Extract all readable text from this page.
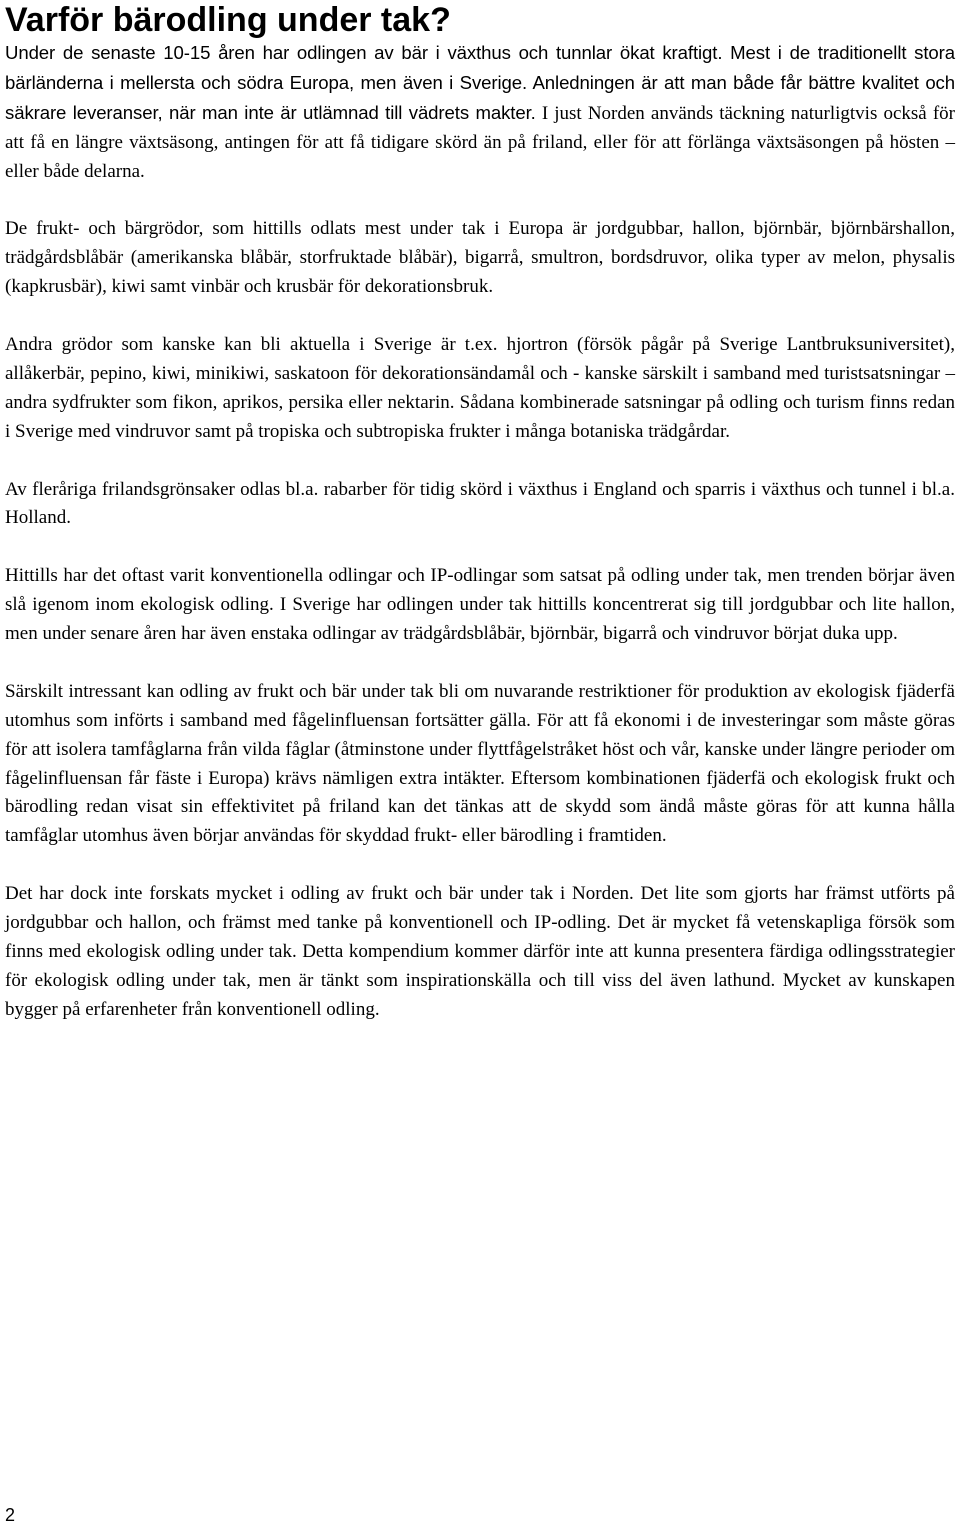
Varför bärodling under tak?

Under de senaste 10-15 åren har odlingen av bär i växthus och tunnlar ökat kraftigt. Mest i de traditionellt stora bärländerna i mellersta och södra Europa, men även i Sverige. Anledningen är att man både får bättre kvalitet och säkrare leveranser, när man inte är utlämnad till vädrets makter. I just Norden används täckning naturligtvis också för att få en längre växtsäsong, antingen för att få tidigare skörd än på friland, eller för att förlänga växtsäsongen på hösten – eller både delarna.

De frukt- och bärgrödor, som hittills odlats mest under tak i Europa är jordgubbar, hallon, björnbär, björnbärshallon, trädgårdsblåbär (amerikanska blåbär, storfruktade blåbär), bigarrå, smultron, bordsdruvor, olika typer av melon, physalis (kapkrusbär), kiwi samt vinbär och krusbär för dekorationsbruk.

Andra grödor som kanske kan bli aktuella i Sverige är t.ex. hjortron (försök pågår på Sverige Lantbruksuniversitet), allåkerbär, pepino, kiwi, minikiwi, saskatoon för dekorationsändamål och - kanske särskilt i samband med turistsatsningar – andra sydfrukter som fikon, aprikos, persika eller nektarin. Sådana kombinerade satsningar på odling och turism finns redan i Sverige med vindruvor samt på tropiska och subtropiska frukter i många botaniska trädgårdar.

Av fleråriga frilandsgrönsaker odlas bl.a. rabarber för tidig skörd i växthus i England och sparris i växthus och tunnel i bl.a. Holland.

Hittills har det oftast varit konventionella odlingar och IP-odlingar som satsat på odling under tak, men trenden börjar även slå igenom inom ekologisk odling. I Sverige har odlingen under tak hittills koncentrerat sig till jordgubbar och lite hallon, men under senare åren har även enstaka odlingar av trädgårdsblåbär, björnbär, bigarrå och vindruvor börjat duka upp.

Särskilt intressant kan odling av frukt och bär under tak bli om nuvarande restriktioner för produktion av ekologisk fjäderfä utomhus som införts i samband med fågelinfluensan fortsätter gälla. För att få ekonomi i de investeringar som måste göras för att isolera tamfåglarna från vilda fåglar (åtminstone under flyttfågelstråket höst och vår, kanske under längre perioder om fågelinfluensan får fäste i Europa) krävs nämligen extra intäkter. Eftersom kombinationen fjäderfä och ekologisk frukt och bärodling redan visat sin effektivitet på friland kan det tänkas att de skydd som ändå måste göras för att kunna hålla tamfåglar utomhus även börjar användas för skyddad frukt- eller bärodling i framtiden.

Det har dock inte forskats mycket i odling av frukt och bär under tak i Norden. Det lite som gjorts har främst utförts på jordgubbar och hallon, och främst med tanke på konventionell och IP-odling. Det är mycket få vetenskapliga försök som finns med ekologisk odling under tak. Detta kompendium kommer därför inte att kunna presentera färdiga odlingsstrategier för ekologisk odling under tak, men är tänkt som inspirationskälla och till viss del även lathund. Mycket av kunskapen bygger på erfarenheter från konventionell odling.

2
